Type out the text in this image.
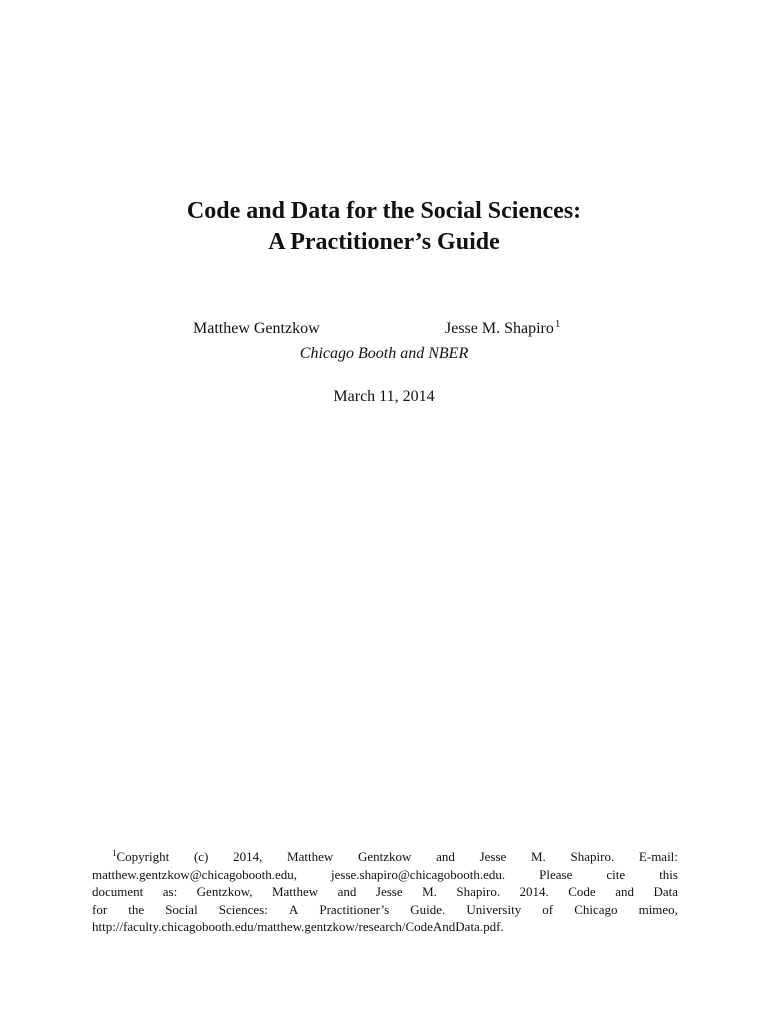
Code and Data for the Social Sciences:
A Practitioner’s Guide
Matthew Gentzkow	Jesse M. Shapiro$^1$
Chicago Booth and NBER
March 11, 2014
$^1$Copyright (c) 2014, Matthew Gentzkow and Jesse M. Shapiro. E-mail:
matthew.gentzkow@chicagobooth.edu,	jesse.shapiro@chicagobooth.edu.	Please	cite	this
document as: Gentzkow, Matthew and Jesse M. Shapiro. 2014. Code and Data
for the Social Sciences: A Practitioner’s Guide. University of Chicago mimeo,
http://faculty.chicagobooth.edu/matthew.gentzkow/research/CodeAndData.pdf.
